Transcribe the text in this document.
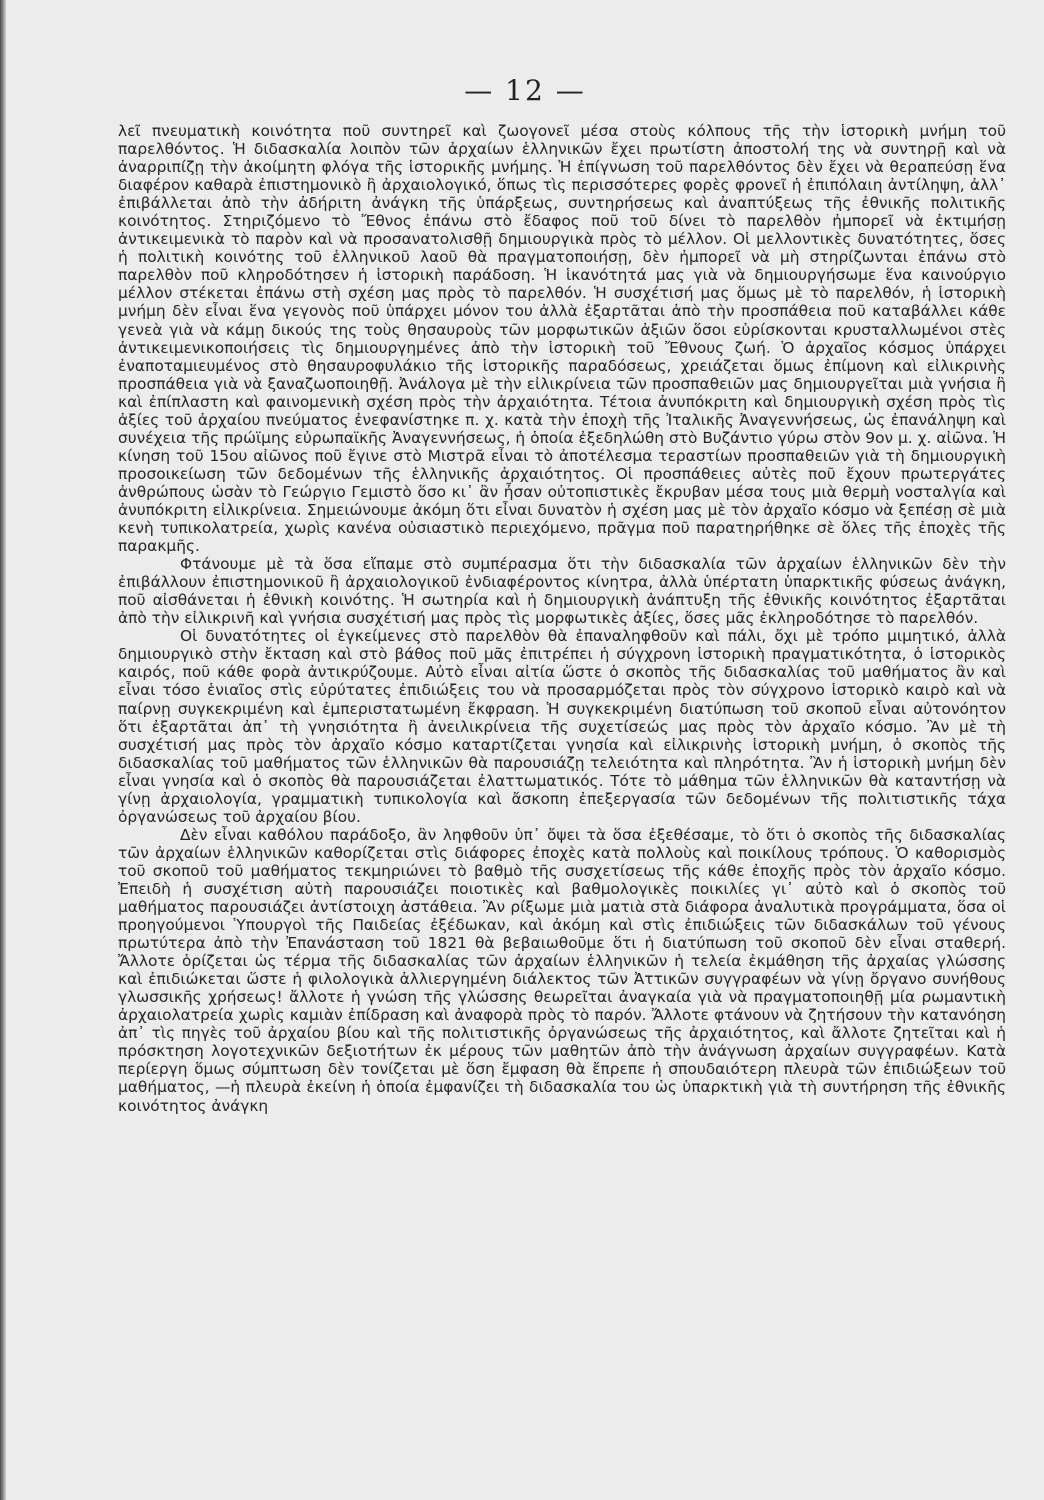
— 12 —

λεῖ πνευματικὴ κοινότητα ποῦ συντηρεῖ καὶ ζωογονεῖ μέσα στοὺς κόλπους τῆς τὴν ἱστορικὴ μνήμη τοῦ παρελθόντος. Ἡ διδασκαλία λοιπὸν τῶν ἀρχαίων ἑλληνικῶν ἔχει πρωτίστη ἀποστολή της νὰ συντηρῇ καὶ νὰ ἀναρριπίζῃ τὴν ἀκοίμητη φλόγα τῆς ἱστορικῆς μνήμης. Ἡ ἐπίγνωση τοῦ παρελθόντος δὲν ἔχει νὰ θεραπεύσῃ ἕνα διαφέρον καθαρὰ ἐπιστημονικὸ ἢ ἀρχαιολογικό, ὅπως τὶς περισσότερες φορὲς φρονεῖ ἡ ἐπιπόλαιη ἀντίληψη, ἀλλ᾽ ἐπιβάλλεται ἀπὸ τὴν ἀδήριτη ἀνάγκη τῆς ὑπάρξεως, συντηρήσεως καὶ ἀναπτύξεως τῆς ἐθνικῆς πολιτικῆς κοινότητος. Στηριζόμενο τὸ Ἔθνος ἐπάνω στὸ ἔδαφος ποῦ τοῦ δίνει τὸ παρελθὸν ἠμπορεῖ νὰ ἐκτιμήσῃ ἀντικειμενικὰ τὸ παρὸν καὶ νὰ προσανατολισθῇ δημιουργικὰ πρὸς τὸ μέλλον. Οἱ μελλοντικὲς δυνατότητες, ὅσες ἡ πολιτικὴ κοινότης τοῦ ἑλληνικοῦ λαοῦ θὰ πραγματοποιήσῃ, δὲν ἠμπορεῖ νὰ μὴ στηρίζωνται ἐπάνω στὸ παρελθὸν ποῦ κληροδότησεν ἡ ἱστορικὴ παράδοση. Ἡ ἱκανότητά μας γιὰ νὰ δημιουργήσωμε ἕνα καινούργιο μέλλον στέκεται ἐπάνω στὴ σχέση μας πρὸς τὸ παρελθόν. Ἡ συσχέτισή μας ὅμως μὲ τὸ παρελθόν, ἡ ἱστορικὴ μνήμη δὲν εἶναι ἕνα γεγονὸς ποῦ ὑπάρχει μόνον του ἀλλὰ ἐξαρτᾶται ἀπὸ τὴν προσπάθεια ποῦ καταβάλλει κάθε γενεὰ γιὰ νὰ κάμῃ δικούς της τοὺς θησαυροὺς τῶν μορφωτικῶν ἀξιῶν ὅσοι εὑρίσκονται κρυσταλλωμένοι στὲς ἀντικειμενικοποιήσεις τὶς δημιουργημένες ἀπὸ τὴν ἱστορικὴ τοῦ Ἔθνους ζωή. Ὁ ἀρχαῖος κόσμος ὑπάρχει ἐναποταμιευμένος στὸ θησαυροφυλάκιο τῆς ἱστορικῆς παραδόσεως, χρειάζεται ὅμως ἐπίμονη καὶ εἰλικρινὴς προσπάθεια γιὰ νὰ ξαναζωοποιηθῇ. Ἀνάλογα μὲ τὴν εἰλικρίνεια τῶν προσπαθειῶν μας δημιουργεῖται μιὰ γνήσια ἢ καὶ ἐπίπλαστη καὶ φαινομενικὴ σχέση πρὸς τὴν ἀρχαιότητα. Τέτοια ἀνυπόκριτη καὶ δημιουργικὴ σχέση πρὸς τὶς ἀξίες τοῦ ἀρχαίου πνεύματος ἐνεφανίστηκε π. χ. κατὰ τὴν ἐποχὴ τῆς Ἰταλικῆς Ἀναγεννήσεως, ὡς ἐπανάληψη καὶ συνέχεια τῆς πρώϊμης εὐρωπαϊκῆς Ἀναγεννήσεως, ἡ ὁποία ἐξεδηλώθη στὸ Βυζάντιο γύρω στὸν 9ον μ. χ. αἰῶνα. Ἡ κίνηση τοῦ 15ου αἰῶνος ποῦ ἔγινε στὸ Μιστρᾶ εἶναι τὸ ἀποτέλεσμα τεραστίων προσπαθειῶν γιὰ τὴ δημιουργικὴ προσοικείωση τῶν δεδομένων τῆς ἑλληνικῆς ἀρχαιότητος. Οἱ προσπάθειες αὐτὲς ποῦ ἔχουν πρωτεργάτες ἀνθρώπους ὡσὰν τὸ Γεώργιο Γεμιστὸ ὅσο κι᾽ ἂν ἦσαν οὐτοπιστικὲς ἔκρυβαν μέσα τους μιὰ θερμὴ νοσταλγία καὶ ἀνυπόκριτη εἰλικρίνεια. Σημειώνουμε ἀκόμη ὅτι εἶναι δυνατὸν ἡ σχέση μας μὲ τὸν ἀρχαῖο κόσμο νὰ ξεπέσῃ σὲ μιὰ κενὴ τυπικολατρεία, χωρὶς κανένα οὐσιαστικὸ περιεχόμενο, πρᾶγμα ποῦ παρατηρήθηκε σὲ ὅλες τῆς ἐποχὲς τῆς παρακμῆς.

Φτάνουμε μὲ τὰ ὅσα εἴπαμε στὸ συμπέρασμα ὅτι τὴν διδασκαλία τῶν ἀρχαίων ἑλληνικῶν δὲν τὴν ἐπιβάλλουν ἐπιστημονικοῦ ἢ ἀρχαιολογικοῦ ἐνδιαφέροντος κίνητρα, ἀλλὰ ὑπέρτατη ὑπαρκτικῆς φύσεως ἀνάγκη, ποῦ αἰσθάνεται ἡ ἐθνικὴ κοινότης. Ἡ σωτηρία καὶ ἡ δημιουργικὴ ἀνάπτυξη τῆς ἐθνικῆς κοινότητος ἐξαρτᾶται ἀπὸ τὴν εἰλικρινῆ καὶ γνήσια συσχέτισή μας πρὸς τὶς μορφωτικὲς ἀξίες, ὅσες μᾶς ἐκληροδότησε τὸ παρελθόν.

Οἱ δυνατότητες οἱ ἐγκείμενες στὸ παρελθὸν θὰ ἐπαναληφθοῦν καὶ πάλι, ὄχι μὲ τρόπο μιμητικό, ἀλλὰ δημιουργικὸ στὴν ἔκταση καὶ στὸ βάθος ποῦ μᾶς ἐπιτρέπει ἡ σύγχρονη ἱστορικὴ πραγματικότητα, ὁ ἱστορικὸς καιρός, ποῦ κάθε φορὰ ἀντικρύζουμε. Αὐτὸ εἶναι αἰτία ὥστε ὁ σκοπὸς τῆς διδασκαλίας τοῦ μαθήματος ἂν καὶ εἶναι τόσο ἑνιαῖος στὶς εὐρύτατες ἐπιδιώξεις του νὰ προσαρμόζεται πρὸς τὸν σύγχρονο ἱστορικὸ καιρὸ καὶ νὰ παίρνῃ συγκεκριμένη καὶ ἐμπεριστατωμένη ἔκφραση. Ἡ συγκεκριμένη διατύπωση τοῦ σκοποῦ εἶναι αὐτονόητον ὅτι ἐξαρτᾶται ἀπ᾽ τὴ γνησιότητα ἢ ἀνειλικρίνεια τῆς συχετίσεώς μας πρὸς τὸν ἀρχαῖο κόσμο. Ἂν μὲ τὴ συσχέτισή μας πρὸς τὸν ἀρχαῖο κόσμο καταρτίζεται γνησία καὶ εἰλικρινὴς ἱστορικὴ μνήμη, ὁ σκοπὸς τῆς διδασκαλίας τοῦ μαθήματος τῶν ἑλληνικῶν θὰ παρουσιάζῃ τελειότητα καὶ πληρότητα. Ἂν ἡ ἱστορικὴ μνήμη δὲν εἶναι γνησία καὶ ὁ σκοπὸς θὰ παρουσιάζεται ἐλαττωματικός. Τότε τὸ μάθημα τῶν ἑλληνικῶν θὰ καταντήσῃ νὰ γίνῃ ἀρχαιολογία, γραμματικὴ τυπικολογία καὶ ἄσκοπη ἐπεξεργασία τῶν δεδομένων τῆς πολιτιστικῆς τάχα ὀργανώσεως τοῦ ἀρχαίου βίου.

Δὲν εἶναι καθόλου παράδοξο, ἂν ληφθοῦν ὑπ᾽ ὄψει τὰ ὅσα ἐξεθέσαμε, τὸ ὅτι ὁ σκοπὸς τῆς διδασκαλίας τῶν ἀρχαίων ἑλληνικῶν καθορίζεται στὶς διάφορες ἐποχὲς κατὰ πολλοὺς καὶ ποικίλους τρόπους. Ὁ καθορισμὸς τοῦ σκοποῦ τοῦ μαθήματος τεκμηριώνει τὸ βαθμὸ τῆς συσχετίσεως τῆς κάθε ἐποχῆς πρὸς τὸν ἀρχαῖο κόσμο. Ἐπειδὴ ἡ συσχέτιση αὐτὴ παρουσιάζει ποιοτικὲς καὶ βαθμολογικὲς ποικιλίες γι᾽ αὐτὸ καὶ ὁ σκοπὸς τοῦ μαθήματος παρουσιάζει ἀντίστοιχη ἀστάθεια. Ἂν ρίξωμε μιὰ ματιὰ στὰ διάφορα ἀναλυτικὰ προγράμματα, ὅσα οἱ προηγούμενοι Ὑπουργοὶ τῆς Παιδείας ἐξέδωκαν, καὶ ἀκόμη καὶ στὶς ἐπιδιώξεις τῶν διδασκάλων τοῦ γένους πρωτύτερα ἀπὸ τὴν Ἐπανάσταση τοῦ 1821 θὰ βεβαιωθοῦμε ὅτι ἡ διατύπωση τοῦ σκοποῦ δὲν εἶναι σταθερή. Ἄλλοτε ὁρίζεται ὡς τέρμα τῆς διδασκαλίας τῶν ἀρχαίων ἑλληνικῶν ἡ τελεία ἐκμάθηση τῆς ἀρχαίας γλώσσης καὶ ἐπιδιώκεται ὥστε ἡ φιλολογικὰ ἀλλιεργημένη διάλεκτος τῶν Ἀττικῶν συγγραφέων νὰ γίνῃ ὄργανο συνήθους γλωσσικῆς χρήσεως! ἄλλοτε ἡ γνώση τῆς γλώσσης θεωρεῖται ἀναγκαία γιὰ νὰ πραγματοποιηθῇ μία ρωμαντικὴ ἀρχαιολατρεία χωρὶς καμιὰν ἐπίδραση καὶ ἀναφορὰ πρὸς τὸ παρόν. Ἄλλοτε φτάνουν νὰ ζητήσουν τὴν κατανόηση ἀπ᾽ τὶς πηγὲς τοῦ ἀρχαίου βίου καὶ τῆς πολιτιστικῆς ὀργανώσεως τῆς ἀρχαιότητος, καὶ ἄλλοτε ζητεῖται καὶ ἡ πρόσκτηση λογοτεχνικῶν δεξιοτήτων ἐκ μέρους τῶν μαθητῶν ἀπὸ τὴν ἀνάγνωση ἀρχαίων συγγραφέων. Κατὰ περίεργη ὅμως σύμπτωση δὲν τονίζεται μὲ ὅση ἔμφαση θὰ ἔπρεπε ἡ σπουδαιότερη πλευρὰ τῶν ἐπιδιώξεων τοῦ μαθήματος, —ἡ πλευρὰ ἐκείνη ἡ ὁποία ἐμφανίζει τὴ διδασκαλία του ὡς ὑπαρκτικὴ γιὰ τὴ συντήρηση τῆς ἐθνικῆς κοινότητος ἀνάγκη
